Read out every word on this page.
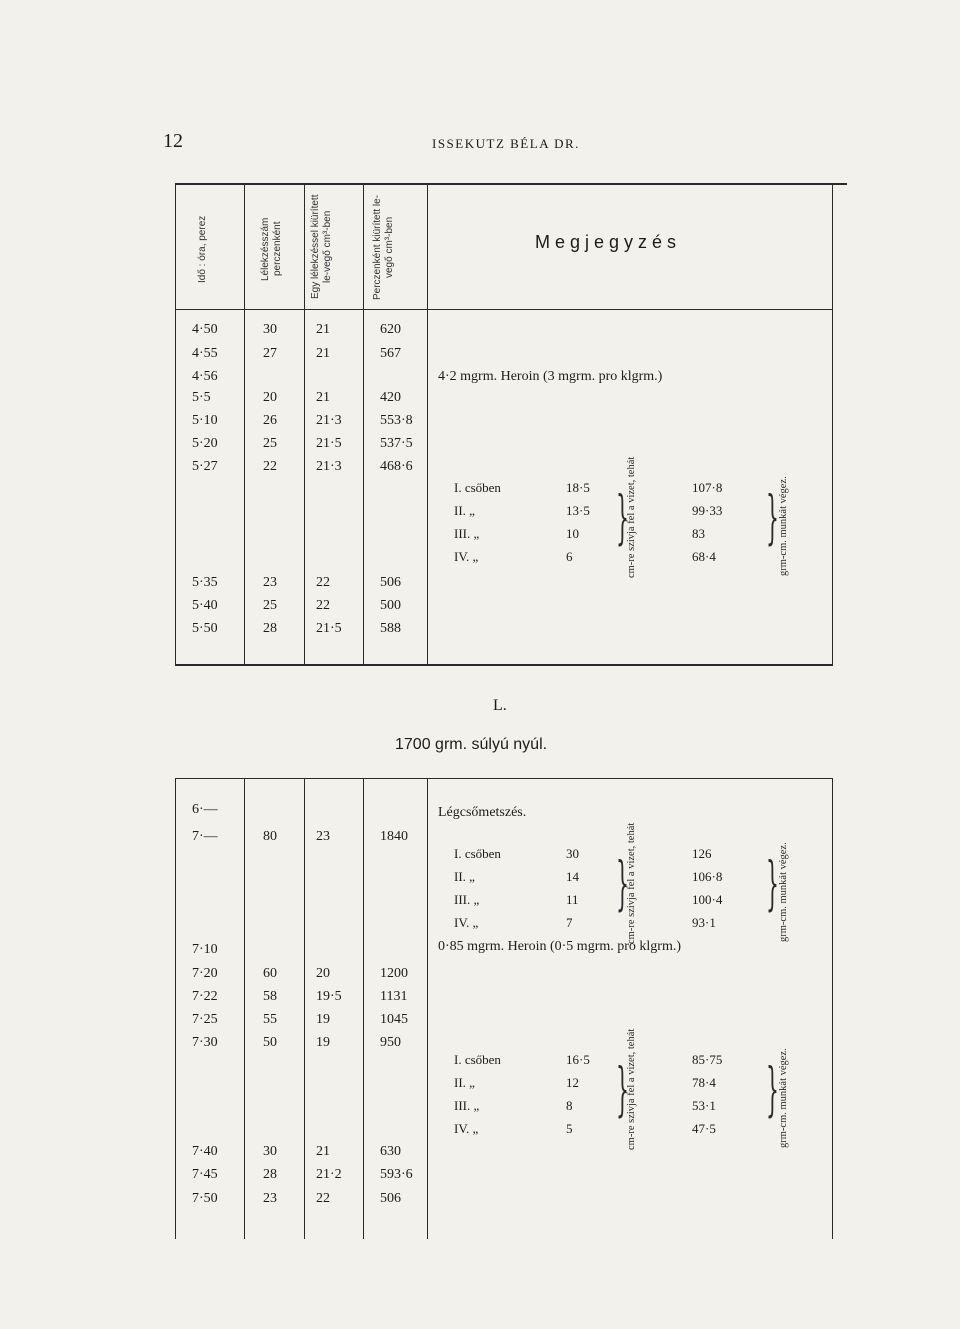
12	ISSEKUTZ BÉLA DR.
Idő : óra, perez	Lélekzésszám perczenként	Egy lélekzéssel kiürített le-vegő cm³-ben	Perczenként kiürített le-vegő cm³-ben	Megjegyzés
4·50	30	21	620
4·55	27	21	567
4·56
5·5	20	21	420
5·10	26	21·3	553·8
5·20	25	21·5	537·5
5·27	22	21·3	468·6
5·35	23	22	506
5·40	25	22	500
5·50	28	21·5	588
4·2 mgrm. Heroin (3 mgrm. pro klgrm.)
I. csőben	18·5	107·8
II. „	13·5	99·33
III. „	10	83
IV. „	6	68·4
} }
cm-re szivja fel a vizet, tehát	grm-cm. munkát végez.
L.
1700 grm. súlyú nyúl.
6·—
7·—	80	23	1840
7·10
7·20	60	20	1200
7·22	58	19·5	1131
7·25	55	19	1045
7·30	50	19	950
7·40	30	21	630
7·45	28	21·2	593·6
7·50	23	22	506
Légcsőmetszés.
I. csőben	30	126
II. „	14	106·8
III. „	11	100·4
IV. „	7	93·1
} }
cm-re szivja fel a vizet, tehát	grm-cm. munkát végez.
0·85 mgrm. Heroin (0·5 mgrm. pro klgrm.)
I. csőben	16·5	85·75
II. „	12	78·4
III. „	8	53·1
IV. „	5	47·5
} }
cm-re szivja fel a vizet, tehát	grm-cm. munkát végez.
